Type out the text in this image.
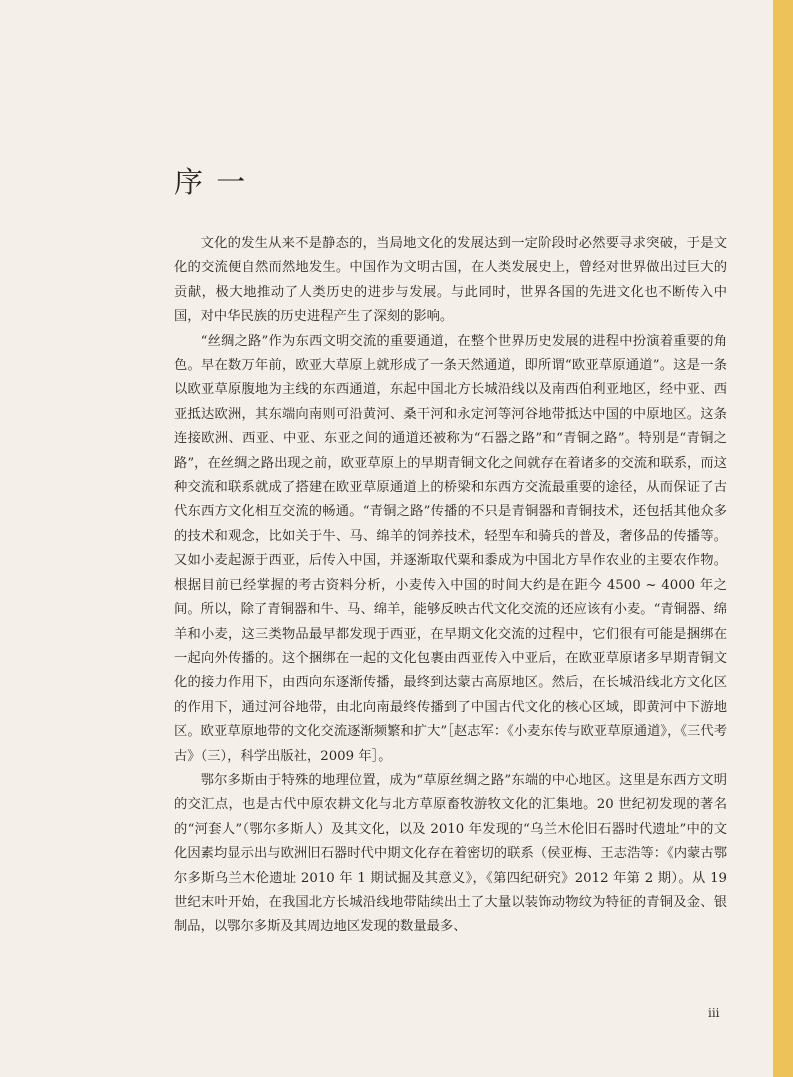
序 一

文化的发生从来不是静态的，当局地文化的发展达到一定阶段时必然要寻求突破，于是文化的交流便自然而然地发生。中国作为文明古国，在人类发展史上，曾经对世界做出过巨大的贡献，极大地推动了人类历史的进步与发展。与此同时，世界各国的先进文化也不断传入中国，对中华民族的历史进程产生了深刻的影响。

“丝绸之路”作为东西文明交流的重要通道，在整个世界历史发展的进程中扮演着重要的角色。早在数万年前，欧亚大草原上就形成了一条天然通道，即所谓“欧亚草原通道”。这是一条以欧亚草原腹地为主线的东西通道，东起中国北方长城沿线以及南西伯利亚地区，经中亚、西亚抵达欧洲，其东端向南则可沿黄河、桑干河和永定河等河谷地带抵达中国的中原地区。这条连接欧洲、西亚、中亚、东亚之间的通道还被称为“石器之路”和“青铜之路”。特别是“青铜之路”，在丝绸之路出现之前，欧亚草原上的早期青铜文化之间就存在着诸多的交流和联系，而这种交流和联系就成了搭建在欧亚草原通道上的桥梁和东西方交流最重要的途径，从而保证了古代东西方文化相互交流的畅通。“青铜之路”传播的不只是青铜器和青铜技术，还包括其他众多的技术和观念，比如关于牛、马、绵羊的饲养技术，轻型车和骑兵的普及，奢侈品的传播等。又如小麦起源于西亚，后传入中国，并逐渐取代粟和黍成为中国北方旱作农业的主要农作物。根据目前已经掌握的考古资料分析，小麦传入中国的时间大约是在距今 4500 ~ 4000 年之间。所以，除了青铜器和牛、马、绵羊，能够反映古代文化交流的还应该有小麦。“青铜器、绵羊和小麦，这三类物品最早都发现于西亚，在早期文化交流的过程中，它们很有可能是捆绑在一起向外传播的。这个捆绑在一起的文化包裹由西亚传入中亚后，在欧亚草原诸多早期青铜文化的接力作用下，由西向东逐渐传播，最终到达蒙古高原地区。然后，在长城沿线北方文化区的作用下，通过河谷地带，由北向南最终传播到了中国古代文化的核心区域，即黄河中下游地区。欧亚草原地带的文化交流逐渐频繁和扩大”［赵志军：《小麦东传与欧亚草原通道》，《三代考古》（三），科学出版社，2009 年］。

鄂尔多斯由于特殊的地理位置，成为“草原丝绸之路”东端的中心地区。这里是东西方文明的交汇点，也是古代中原农耕文化与北方草原畜牧游牧文化的汇集地。20 世纪初发现的著名的“河套人”（鄂尔多斯人）及其文化，以及 2010 年发现的“乌兰木伦旧石器时代遗址”中的文化因素均显示出与欧洲旧石器时代中期文化存在着密切的联系（侯亚梅、王志浩等：《内蒙古鄂尔多斯乌兰木伦遗址 2010 年 1 期试掘及其意义》，《第四纪研究》2012 年第 2 期）。从 19 世纪末叶开始，在我国北方长城沿线地带陆续出土了大量以装饰动物纹为特征的青铜及金、银制品，以鄂尔多斯及其周边地区发现的数量最多、

iii
